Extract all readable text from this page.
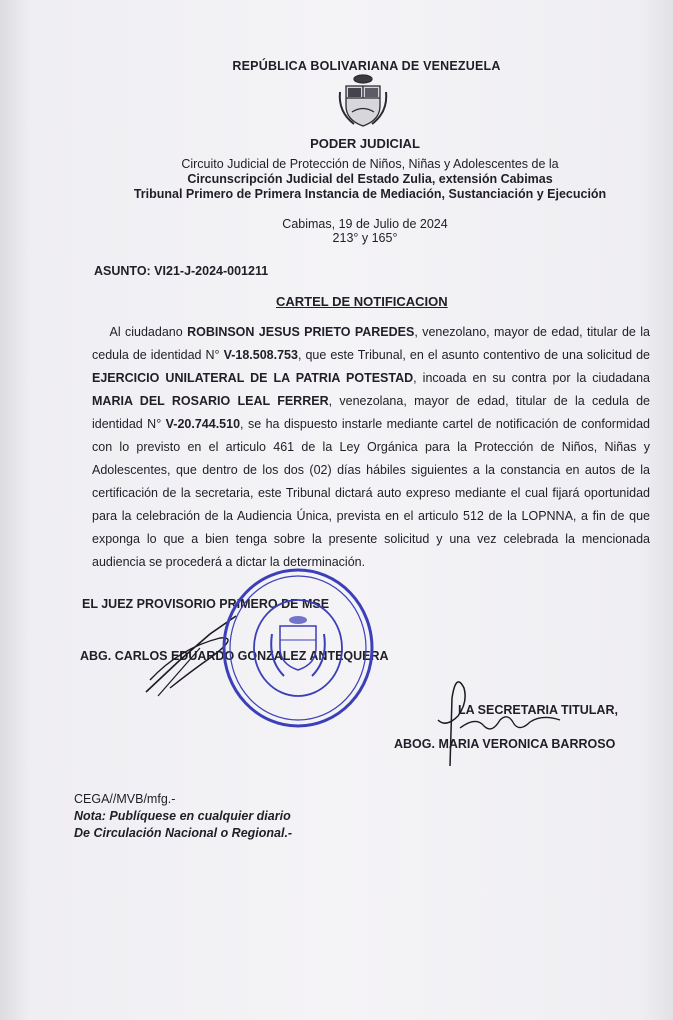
REPÚBLICA BOLIVARIANA DE VENEZUELA
PODER JUDICIAL
Circuito Judicial de Protección de Niños, Niñas y Adolescentes de la
Circunscripción Judicial del Estado Zulia, extensión Cabimas
Tribunal Primero de Primera Instancia de Mediación, Sustanciación y Ejecución
Cabimas, 19 de Julio de 2024
213° y 165°
ASUNTO: VI21-J-2024-001211
CARTEL DE NOTIFICACION

Al ciudadano ROBINSON JESUS PRIETO PAREDES, venezolano, mayor de edad, titular de la cedula de identidad N° V-18.508.753, que este Tribunal, en el asunto contentivo de una solicitud de EJERCICIO UNILATERAL DE LA PATRIA POTESTAD, incoada en su contra por la ciudadana MARIA DEL ROSARIO LEAL FERRER, venezolana, mayor de edad, titular de la cedula de identidad N° V-20.744.510, se ha dispuesto instarle mediante cartel de notificación de conformidad con lo previsto en el articulo 461 de la Ley Orgánica para la Protección de Niños, Niñas y Adolescentes, que dentro de los dos (02) días hábiles siguientes a la constancia en autos de la certificación de la secretaria, este Tribunal dictará auto expreso mediante el cual fijará oportunidad para la celebración de la Audiencia Única, prevista en el articulo 512 de la LOPNNA, a fin de que exponga lo que a bien tenga sobre la presente solicitud y una vez celebrada la mencionada audiencia se procederá a dictar la determinación.

EL JUEZ PROVISORIO PRIMERO DE MSE
ABG. CARLOS EDUARDO GONZALEZ ANTEQUERA
LA SECRETARIA TITULAR,
ABOG. MARIA VERONICA BARROSO
CEGA//MVB/mfg.-
Nota: Publíquese en cualquier diario
De Circulación Nacional o Regional.-
